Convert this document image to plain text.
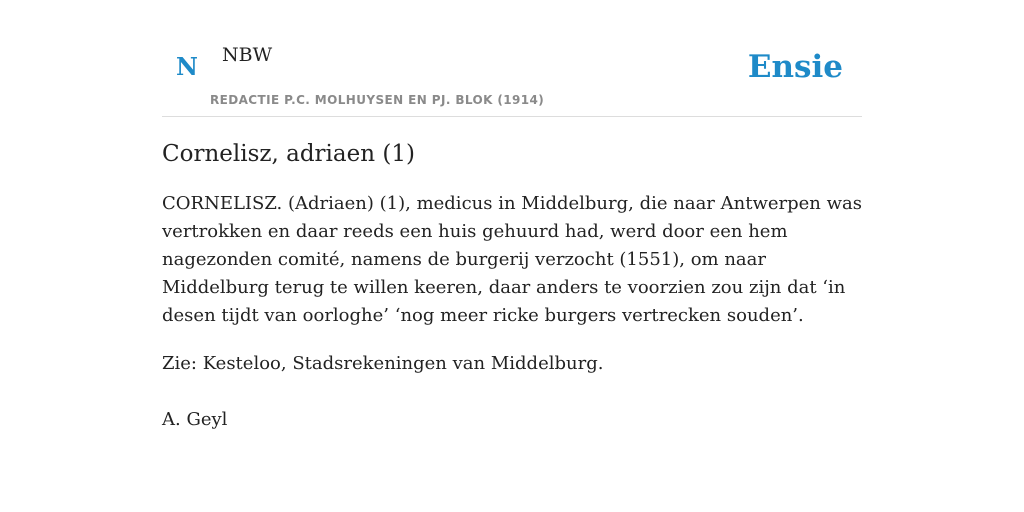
N NBW
REDACTIE P.C. MOLHUYSEN EN PJ. BLOK (1914)
Ensie
Cornelisz, adriaen (1)

CORNELISZ. (Adriaen) (1), medicus in Middelburg, die naar Antwerpen was vertrokken en daar reeds een huis gehuurd had, werd door een hem nagezonden comité, namens de burgerij verzocht (1551), om naar Middelburg terug te willen keeren, daar anders te voorzien zou zijn dat ‘in desen tijdt van oorloghe’ ‘nog meer ricke burgers vertrecken souden’.

Zie: Kesteloo, Stadsrekeningen van Middelburg.

A. Geyl
